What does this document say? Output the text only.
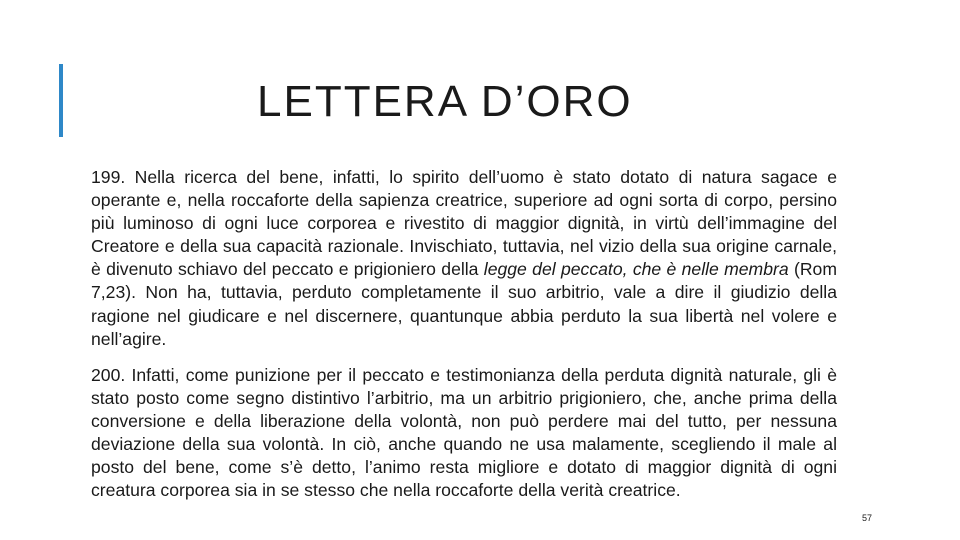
LETTERA D’ORO

199. Nella ricerca del bene, infatti, lo spirito dell’uomo è stato dotato di natura sagace e operante e, nella roccaforte della sapienza creatrice, superiore ad ogni sorta di corpo, persino più luminoso di ogni luce corporea e rivestito di maggior dignità, in virtù dell’immagine del Creatore e della sua capacità razionale. Invischiato, tuttavia, nel vizio della sua origine carnale, è divenuto schiavo del peccato e prigioniero della legge del peccato, che è nelle membra (Rom 7,23). Non ha, tuttavia, perduto completamente il suo arbitrio, vale a dire il giudizio della ragione nel giudicare e nel discernere, quantunque abbia perduto la sua libertà nel volere e nell’agire.

200. Infatti, come punizione per il peccato e testimonianza della perduta dignità naturale, gli è stato posto come segno distintivo l’arbitrio, ma un arbitrio prigioniero, che, anche prima della conversione e della liberazione della volontà, non può perdere mai del tutto, per nessuna deviazione della sua volontà. In ciò, anche quando ne usa malamente, scegliendo il male al posto del bene, come s’è detto, l’animo resta migliore e dotato di maggior dignità di ogni creatura corporea sia in se stesso che nella roccaforte della verità creatrice.

57
